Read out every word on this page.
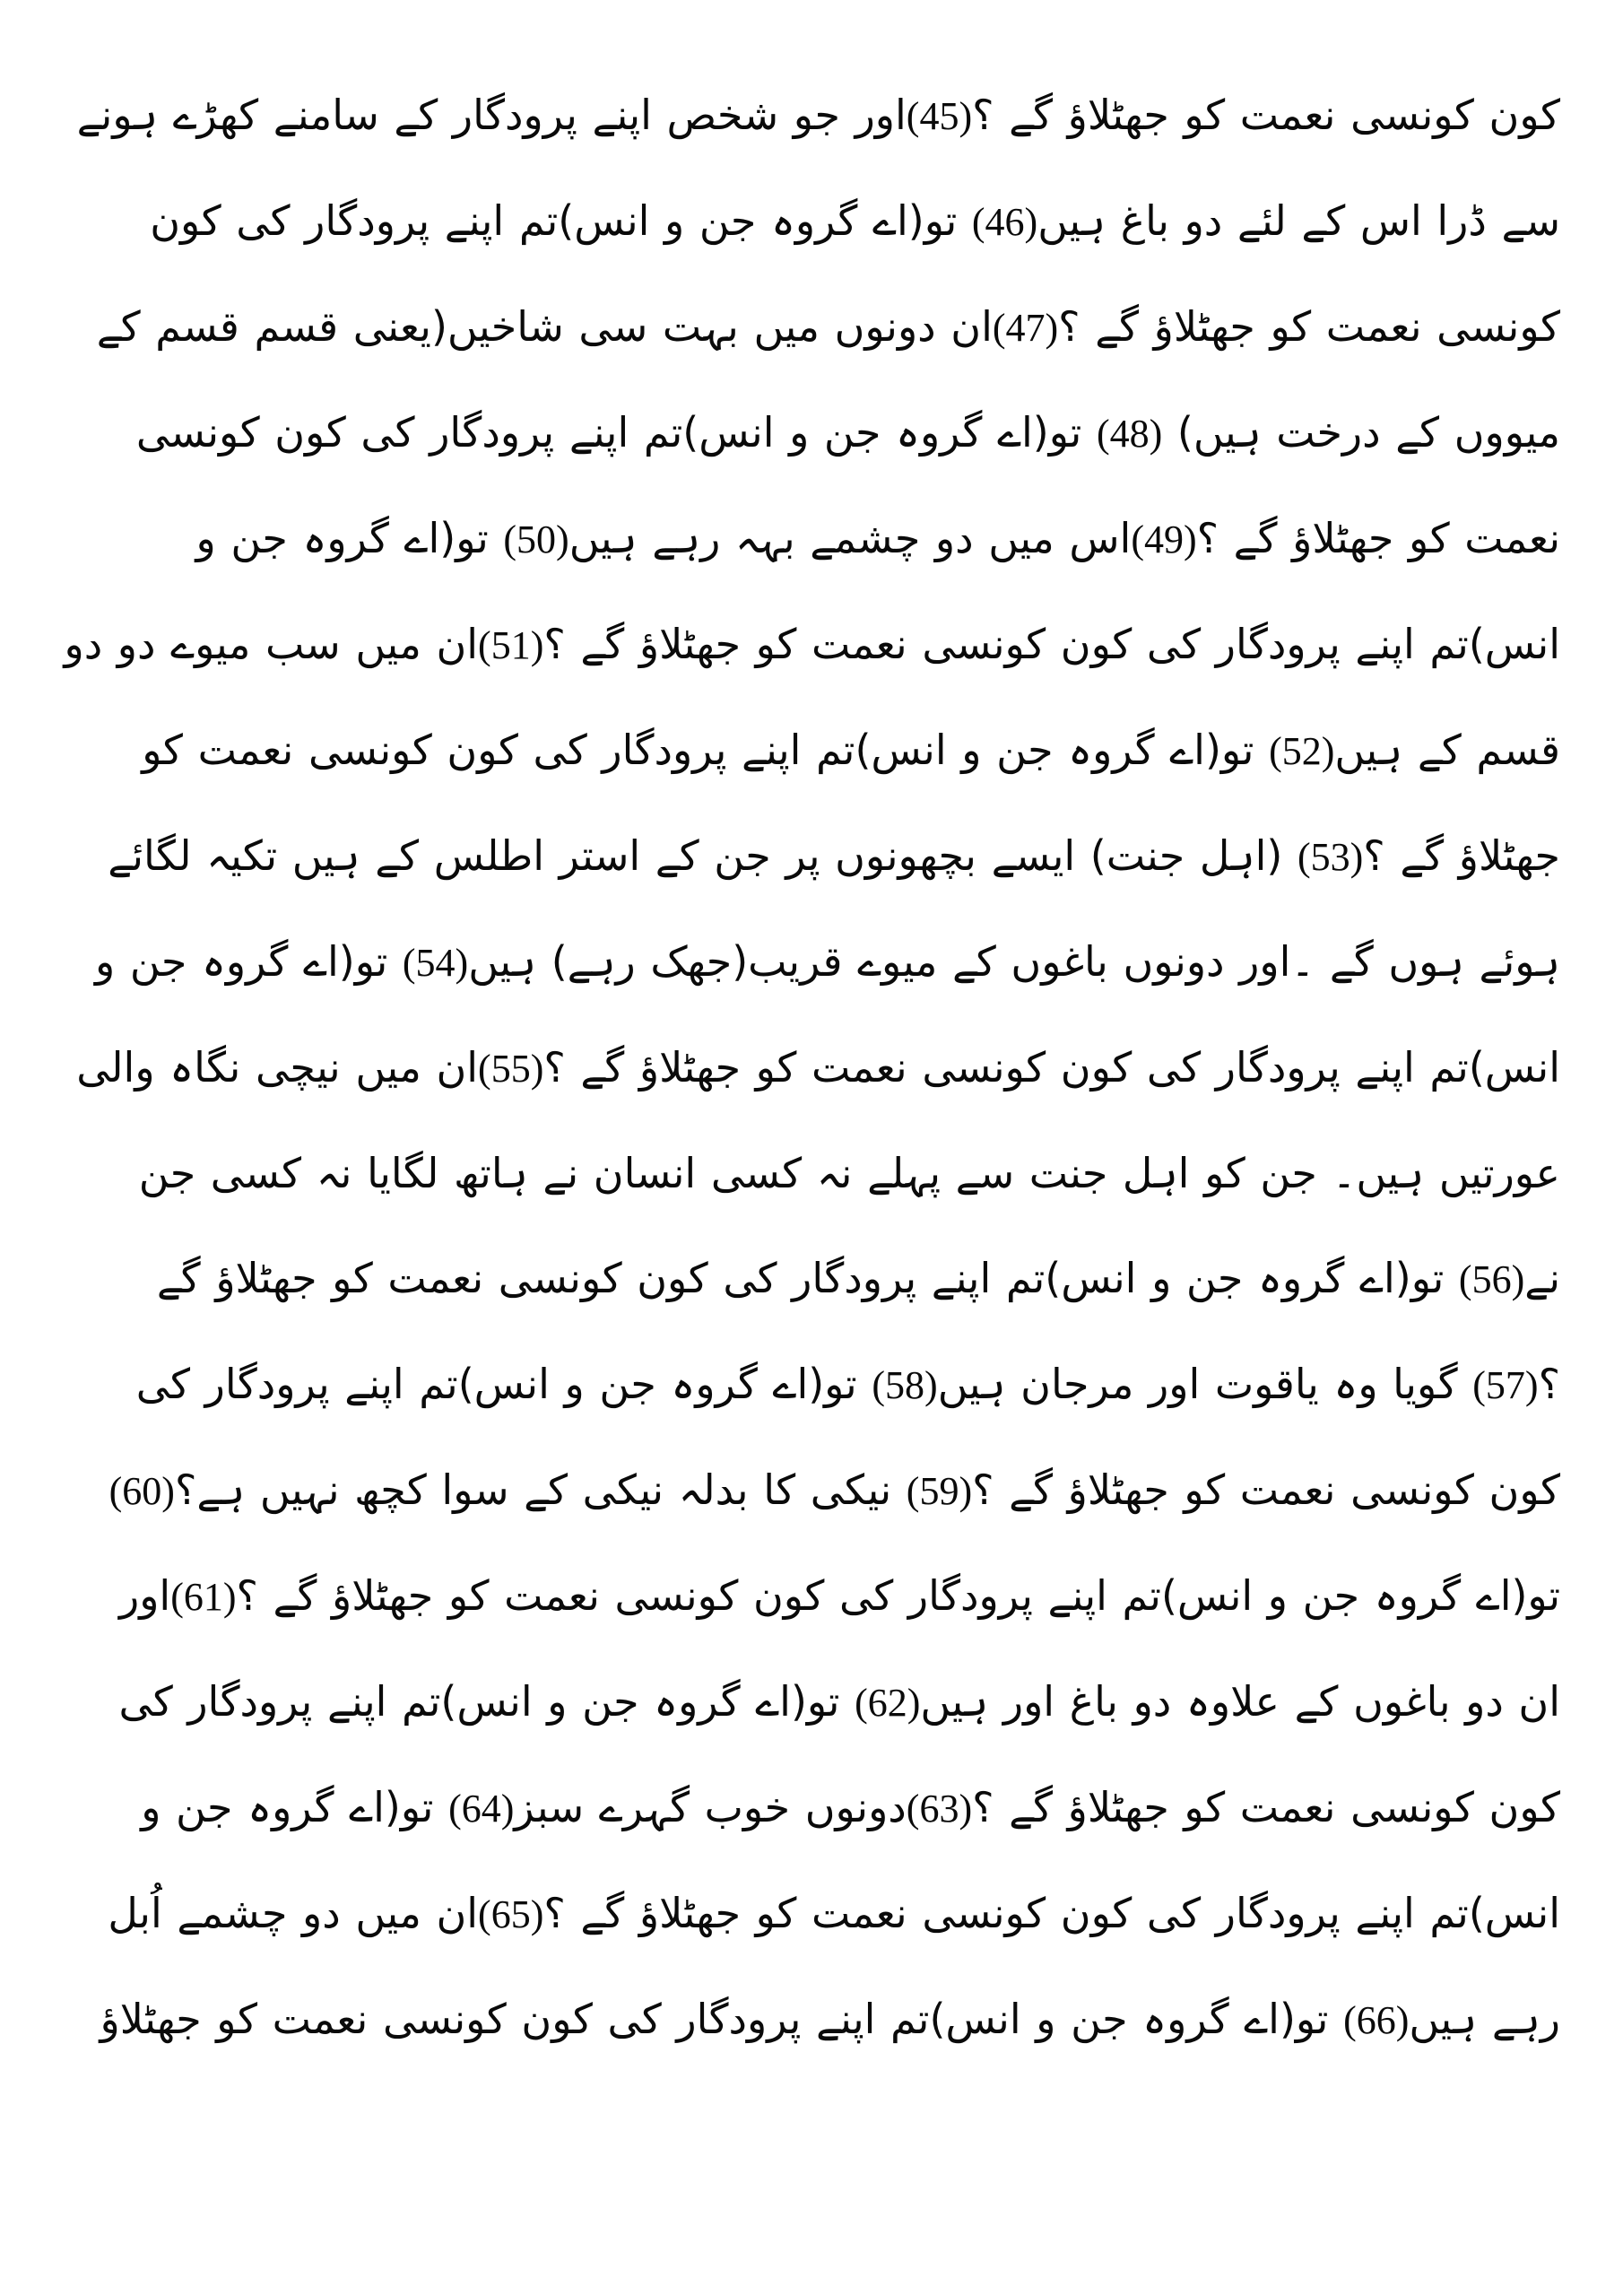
کون کونسی نعمت کو جھٹلاؤ گے ؟(45)اور جو شخص اپنے پرودگار کے سامنے کھڑے ہونے سے ڈرا اس کے لئے دو باغ ہیں(46) تو(اے گروہ جن و انس)تم اپنے پرودگار کی کون کونسی نعمت کو جھٹلاؤ گے ؟(47)ان دونوں میں بہت سی شاخیں(یعنی قسم قسم کے میووں کے درخت ہیں) (48) تو(اے گروہ جن و انس)تم اپنے پرودگار کی کون کونسی نعمت کو جھٹلاؤ گے ؟(49)اس میں دو چشمے بہہ رہے ہیں(50) تو(اے گروہ جن و انس)تم اپنے پرودگار کی کون کونسی نعمت کو جھٹلاؤ گے ؟(51)ان میں سب میوے دو دو قسم کے ہیں(52) تو(اے گروہ جن و انس)تم اپنے پرودگار کی کون کونسی نعمت کو جھٹلاؤ گے ؟(53) (اہل جنت) ایسے بچھونوں پر جن کے استر اطلس کے ہیں تکیہ لگائے ہوئے ہوں گے ۔اور دونوں باغوں کے میوے قریب(جھک رہے) ہیں(54) تو(اے گروہ جن و انس)تم اپنے پرودگار کی کون کونسی نعمت کو جھٹلاؤ گے ؟(55)ان میں نیچی نگاہ والی عورتیں ہیں۔ جن کو اہل جنت سے پہلے نہ کسی انسان نے ہاتھ لگایا نہ کسی جن نے(56) تو(اے گروہ جن و انس)تم اپنے پرودگار کی کون کونسی نعمت کو جھٹلاؤ گے ؟(57) گویا وہ یاقوت اور مرجان ہیں(58) تو(اے گروہ جن و انس)تم اپنے پرودگار کی کون کونسی نعمت کو جھٹلاؤ گے ؟(59) نیکی کا بدلہ نیکی کے سوا کچھ نہیں ہے؟(60) تو(اے گروہ جن و انس)تم اپنے پرودگار کی کون کونسی نعمت کو جھٹلاؤ گے ؟(61)اور ان دو باغوں کے علاوہ دو باغ اور ہیں(62) تو(اے گروہ جن و انس)تم اپنے پرودگار کی کون کونسی نعمت کو جھٹلاؤ گے ؟(63)دونوں خوب گہرے سبز(64) تو(اے گروہ جن و انس)تم اپنے پرودگار کی کون کونسی نعمت کو جھٹلاؤ گے ؟(65)ان میں دو چشمے اُبل رہے ہیں(66) تو(اے گروہ جن و انس)تم اپنے پرودگار کی کون کونسی نعمت کو جھٹلاؤ
